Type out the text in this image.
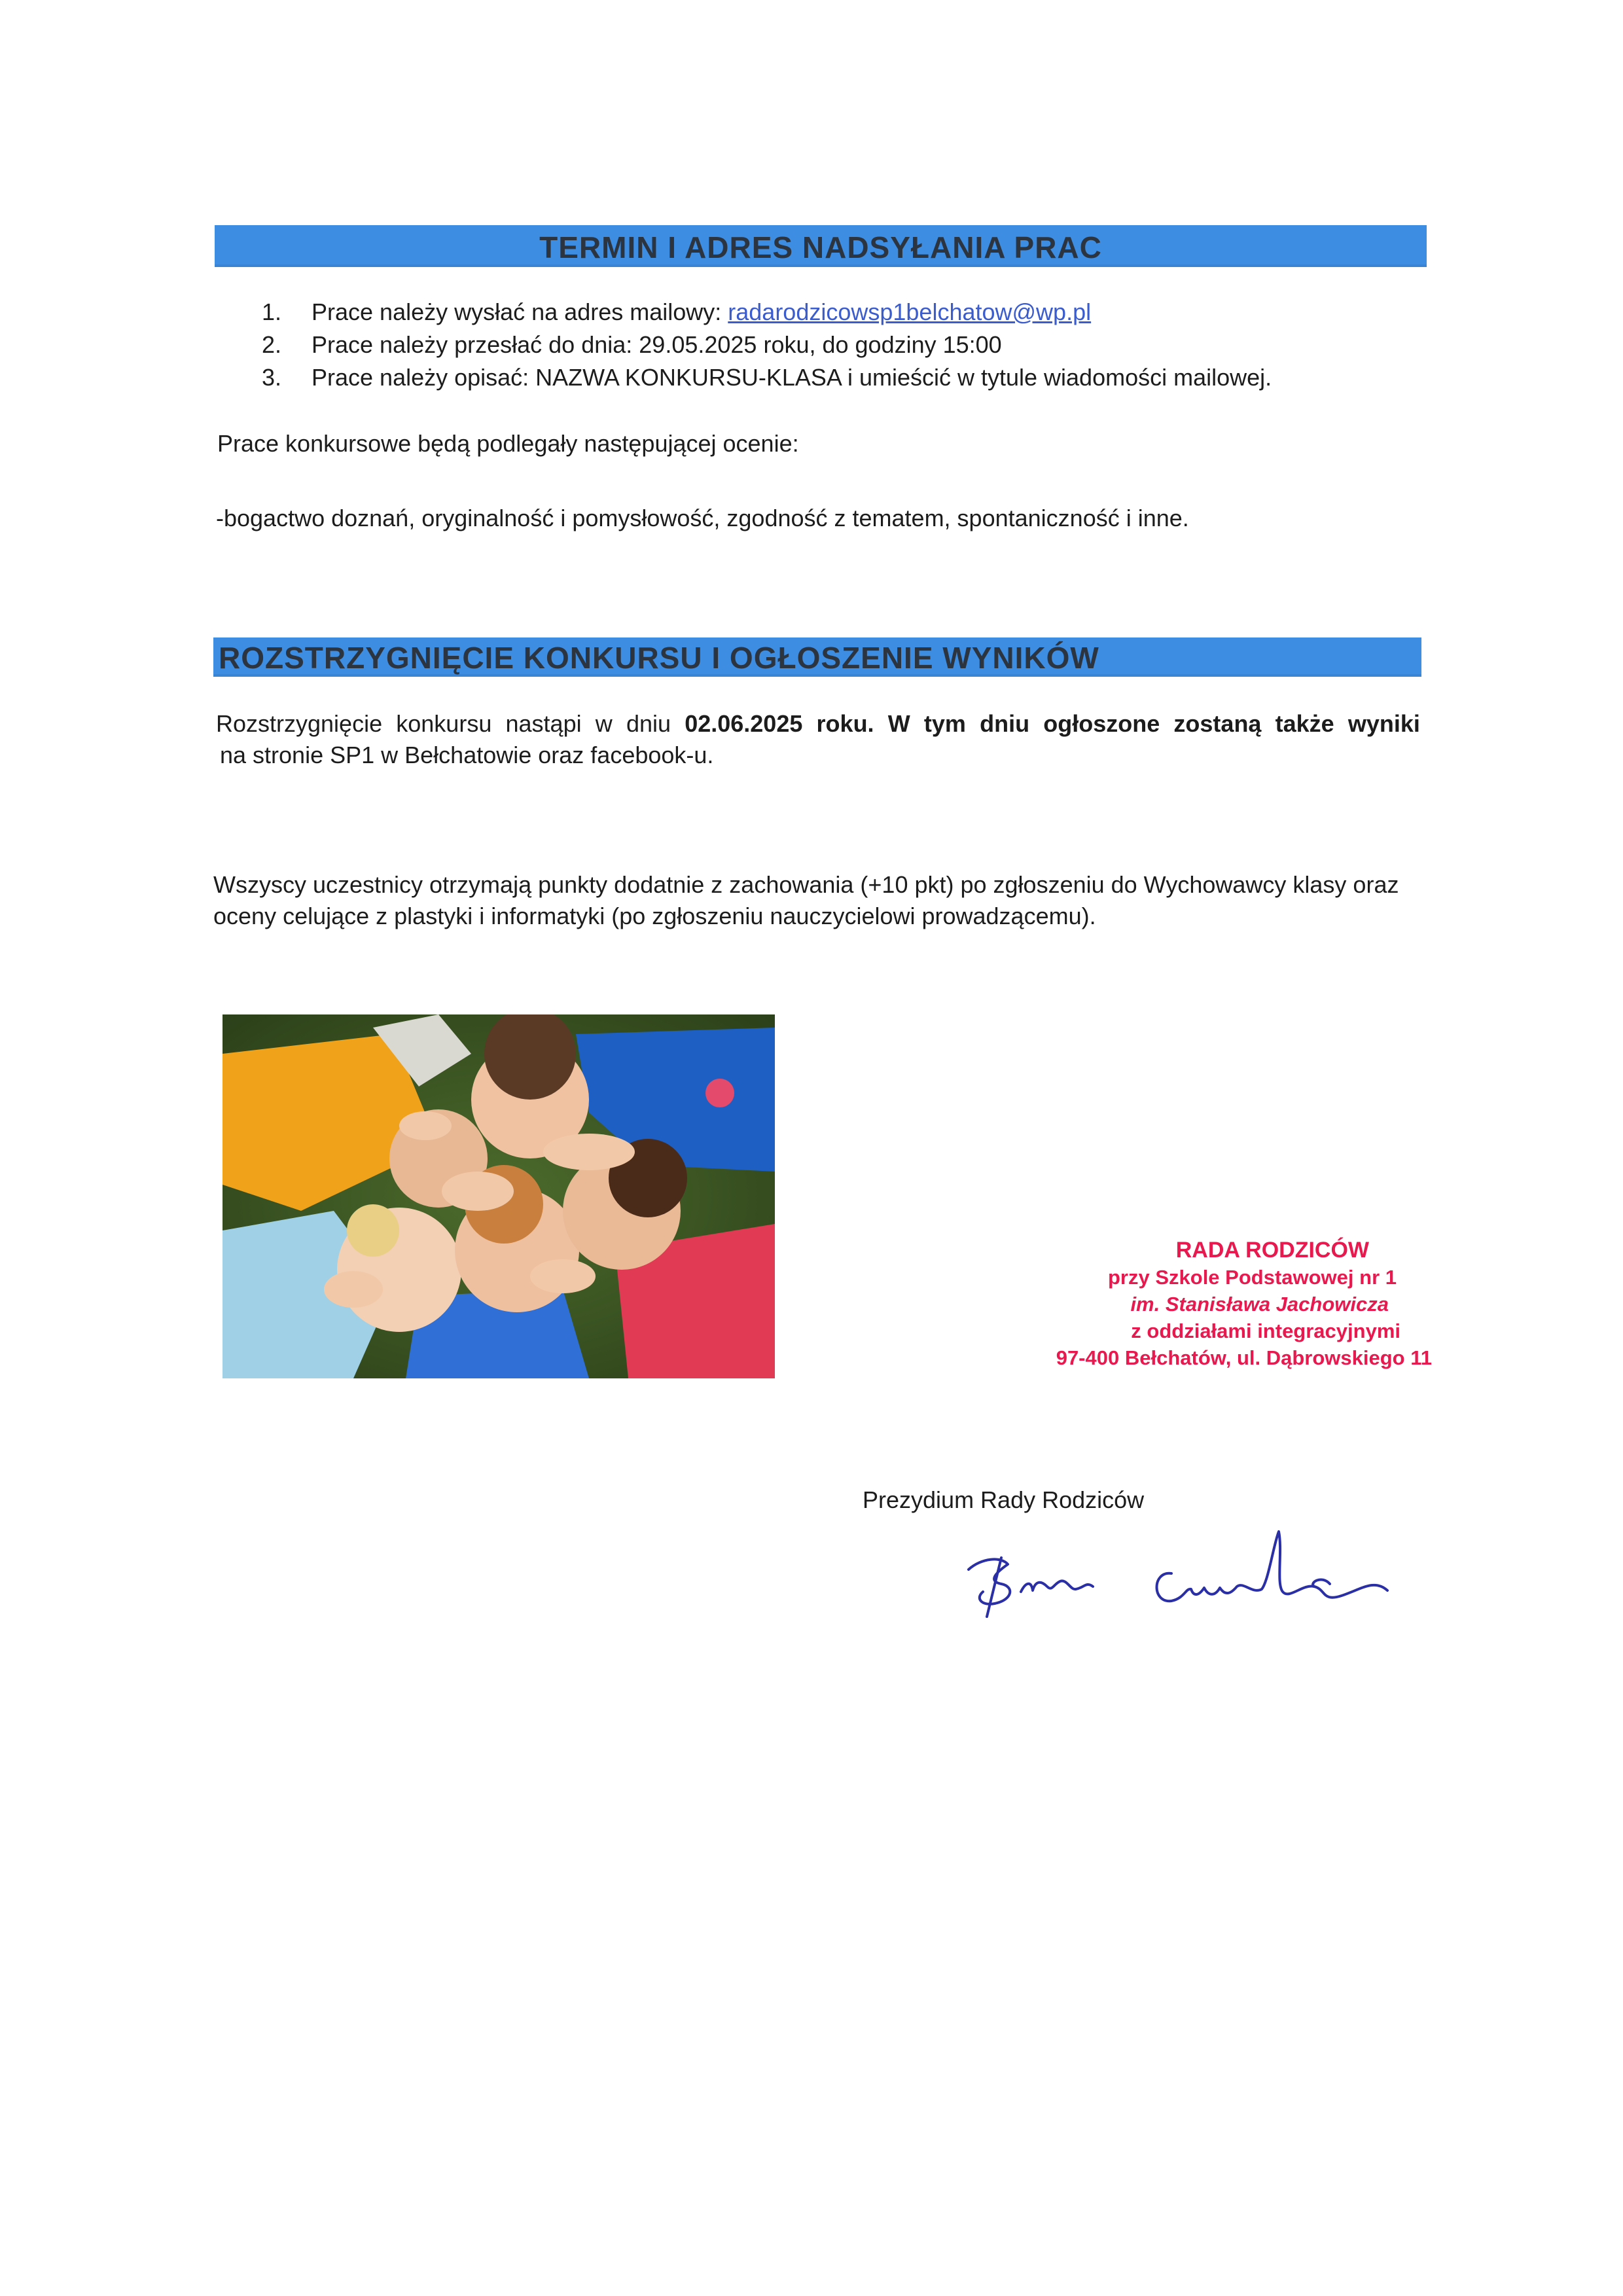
TERMIN I ADRES NADSYŁANIA PRAC
1.	Prace należy wysłać na adres mailowy: radarodzicowsp1belchatow@wp.pl
2.	Prace należy przesłać do dnia: 29.05.2025 roku, do godziny 15:00
3.	Prace należy opisać: NAZWA KONKURSU-KLASA i umieścić w tytule wiadomości mailowej.
Prace konkursowe będą podlegały następującej ocenie:
-bogactwo doznań, oryginalność i pomysłowość, zgodność z tematem, spontaniczność i inne.
ROZSTRZYGNIĘCIE KONKURSU I OGŁOSZENIE WYNIKÓW
Rozstrzygnięcie konkursu nastąpi w dniu 02.06.2025 roku. W tym dniu ogłoszone zostaną także wyniki
na stronie SP1 w Bełchatowie oraz facebook-u.
Wszyscy uczestnicy otrzymają punkty dodatnie z zachowania (+10 pkt) po zgłoszeniu do Wychowawcy klasy oraz
oceny celujące z plastyki i informatyki (po zgłoszeniu nauczycielowi prowadzącemu).
RADA RODZICÓW
przy Szkole Podstawowej nr 1
im. Stanisława Jachowicza
z oddziałami integracyjnymi
97-400 Bełchatów, ul. Dąbrowskiego 11
Prezydium Rady Rodziców
